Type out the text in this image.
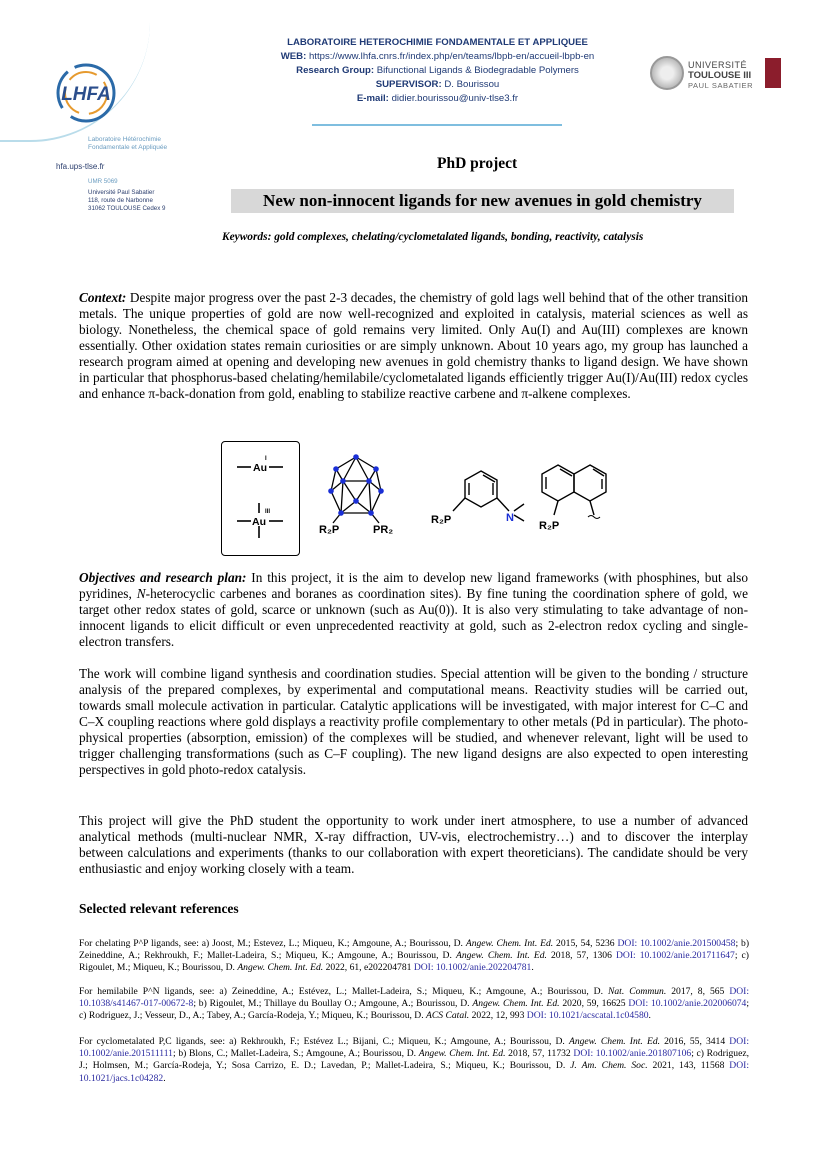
LHFA
Laboratoire Hétérochimie
Fondamentale et Appliquée
hfa.ups-tlse.fr
UMR 5069
Université Paul Sabatier
118, route de Narbonne
31062 TOULOUSE Cedex 9
LABORATOIRE HETEROCHIMIE FONDAMENTALE ET APPLIQUEE
WEB: https://www.lhfa.cnrs.fr/index.php/en/teams/lbpb-en/accueil-lbpb-en
Research Group: Bifunctional Ligands & Biodegradable Polymers
SUPERVISOR: D. Bourissou
E-mail: didier.bourissou@univ-tlse3.fr
UNIVERSITÉ
TOULOUSE III
PAUL SABATIER
PhD project
New non-innocent ligands for new avenues in gold chemistry
Keywords: gold complexes, chelating/cyclometalated ligands, bonding, reactivity, catalysis
Context: Despite major progress over the past 2-3 decades, the chemistry of gold lags well behind that of the other transition metals. The unique properties of gold are now well-recognized and exploited in catalysis, material sciences as well as biology. Nonetheless, the chemical space of gold remains very limited. Only Au(I) and Au(III) complexes are known essentially. Other oxidation states remain curiosities or are simply unknown. About 10 years ago, my group has launched a research program aimed at opening and developing new avenues in gold chemistry thanks to ligand design. We have shown in particular that phosphorus-based chelating/hemilabile/cyclometalated ligands efficiently trigger Au(I)/Au(III) redox cycles and enhance π-back-donation from gold, enabling to stabilize reactive carbene and π-alkene complexes.
Au
I
Au
III
R₂P	PR₂
R₂P	N
R₂P
Objectives and research plan: In this project, it is the aim to develop new ligand frameworks (with phosphines, but also pyridines, N-heterocyclic carbenes and boranes as coordination sites). By fine tuning the coordination sphere of gold, we target other redox states of gold, scarce or unknown (such as Au(0)). It is also very stimulating to take advantage of non-innocent ligands to elicit difficult or even unprecedented reactivity at gold, such as 2-electron redox cycling and single-electron transfers.
The work will combine ligand synthesis and coordination studies. Special attention will be given to the bonding / structure analysis of the prepared complexes, by experimental and computational means. Reactivity studies will be carried out, towards small molecule activation in particular. Catalytic applications will be investigated, with major interest for C–C and C–X coupling reactions where gold displays a reactivity profile complementary to other metals (Pd in particular). The photo-physical properties (absorption, emission) of the complexes will be studied, and whenever relevant, light will be used to trigger challenging transformations (such as C–F coupling). The new ligand designs are also expected to open interesting perspectives in gold photo-redox catalysis.
This project will give the PhD student the opportunity to work under inert atmosphere, to use a number of advanced analytical methods (multi-nuclear NMR, X-ray diffraction, UV-vis, electrochemistry…) and to discover the interplay between calculations and experiments (thanks to our collaboration with expert theoreticians). The candidate should be very enthusiastic and enjoy working closely with a team.
Selected relevant references
For chelating P^P ligands, see: a) Joost, M.; Estevez, L.; Miqueu, K.; Amgoune, A.; Bourissou, D. Angew. Chem. Int. Ed. 2015, 54, 5236 DOI: 10.1002/anie.201500458; b) Zeineddine, A.; Rekhroukh, F.; Mallet-Ladeira, S.; Miqueu, K.; Amgoune, A.; Bourissou, D. Angew. Chem. Int. Ed. 2018, 57, 1306 DOI: 10.1002/anie.201711647; c) Rigoulet, M.; Miqueu, K.; Bourissou, D. Angew. Chem. Int. Ed. 2022, 61, e202204781 DOI: 10.1002/anie.202204781.
For hemilabile P^N ligands, see: a) Zeineddine, A.; Estévez, L.; Mallet-Ladeira, S.; Miqueu, K.; Amgoune, A.; Bourissou, D. Nat. Commun. 2017, 8, 565 DOI: 10.1038/s41467-017-00672-8; b) Rigoulet, M.; Thillaye du Boullay O.; Amgoune, A.; Bourissou, D. Angew. Chem. Int. Ed. 2020, 59, 16625 DOI: 10.1002/anie.202006074; c) Rodriguez, J.; Vesseur, D., A.; Tabey, A.; García-Rodeja, Y.; Miqueu, K.; Bourissou, D. ACS Catal. 2022, 12, 993 DOI: 10.1021/acscatal.1c04580.
For cyclometalated P,C ligands, see: a) Rekhroukh, F.; Estévez L.; Bijani, C.; Miqueu, K.; Amgoune, A.; Bourissou, D. Angew. Chem. Int. Ed. 2016, 55, 3414 DOI: 10.1002/anie.201511111; b) Blons, C.; Mallet-Ladeira, S.; Amgoune, A.; Bourissou, D. Angew. Chem. Int. Ed. 2018, 57, 11732 DOI: 10.1002/anie.201807106; c) Rodriguez, J.; Holmsen, M.; García-Rodeja, Y.; Sosa Carrizo, E. D.; Lavedan, P.; Mallet-Ladeira, S.; Miqueu, K.; Bourissou, D. J. Am. Chem. Soc. 2021, 143, 11568 DOI: 10.1021/jacs.1c04282.
